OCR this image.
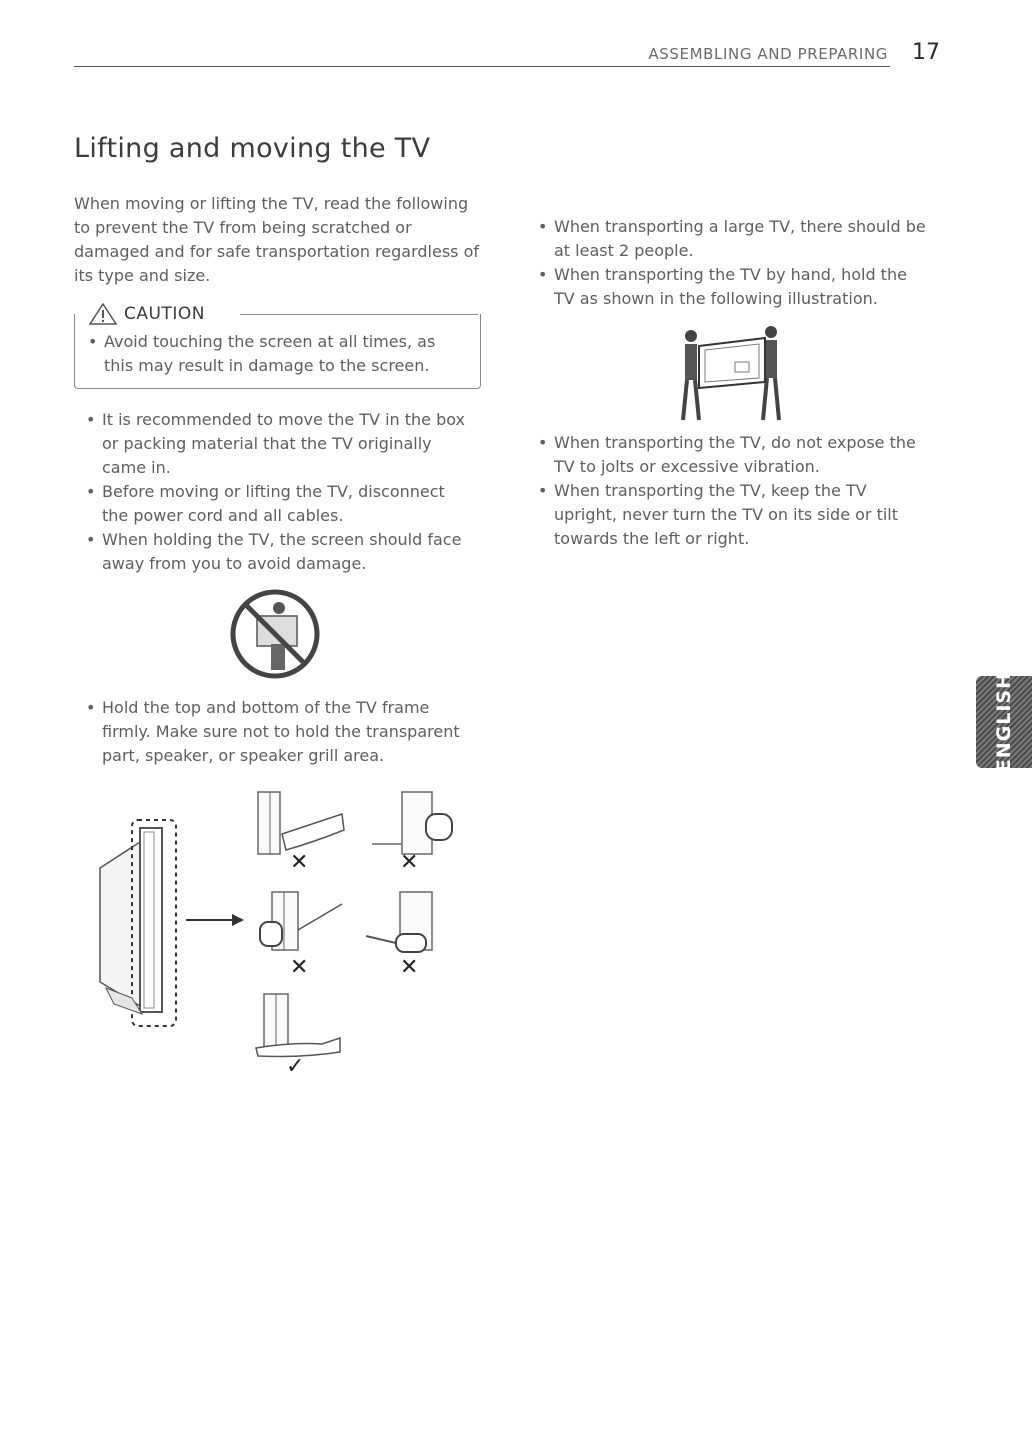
ASSEMBLING AND PREPARING 17
Lifting and moving the TV

When moving or lifting the TV, read the following to prevent the TV from being scratched or damaged and for safe transportation regardless of its type and size.

CAUTION
• Avoid touching the screen at all times, as this may result in damage to the screen.
• It is recommended to move the TV in the box or packing material that the TV originally came in.
• Before moving or lifting the TV, disconnect the power cord and all cables.
• When holding the TV, the screen should face away from you to avoid damage.
• Hold the top and bottom of the TV frame firmly. Make sure not to hold the transparent part, speaker, or speaker grill area.
✕	✕
✕	✕
✓
• When transporting a large TV, there should be at least 2 people.
• When transporting the TV by hand, hold the TV as shown in the following illustration.
• When transporting the TV, do not expose the TV to jolts or excessive vibration.
• When transporting the TV, keep the TV upright, never turn the TV on its side or tilt towards the left or right.
ENGLISH
